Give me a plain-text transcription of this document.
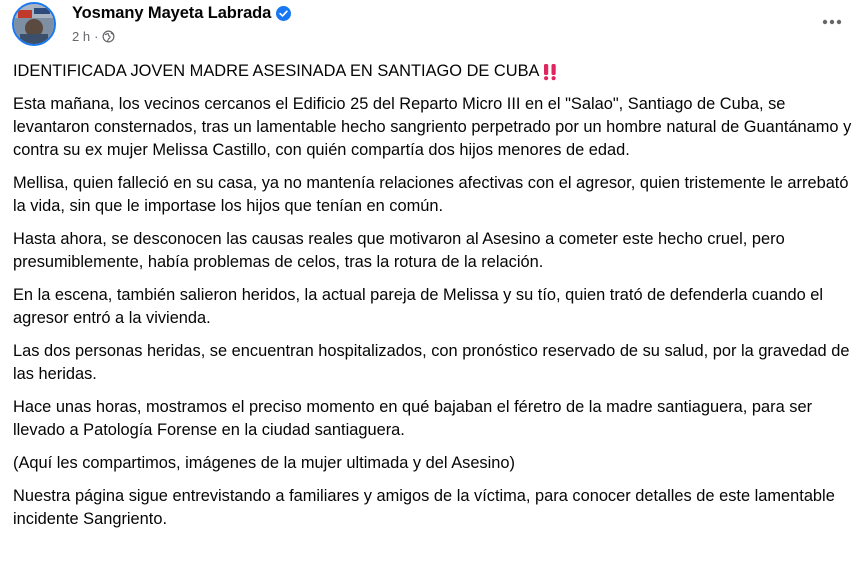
Yosmany Mayeta Labrada
2 h ·

IDENTIFICADA JOVEN MADRE ASESINADA EN SANTIAGO DE CUBA

Esta mañana, los vecinos cercanos el Edificio 25 del Reparto Micro III en el "Salao", Santiago de Cuba, se levantaron consternados, tras un lamentable hecho sangriento perpetrado por un hombre natural de Guantánamo y contra su ex mujer Melissa Castillo, con quién compartía dos hijos menores de edad.

Mellisa, quien falleció en su casa, ya no mantenía relaciones afectivas con el agresor, quien tristemente le arrebató la vida, sin que le importase los hijos que tenían en común.

Hasta ahora, se desconocen las causas reales que motivaron al Asesino a cometer este hecho cruel, pero presumiblemente, había problemas de celos, tras la rotura de la relación.

En la escena, también salieron heridos, la actual pareja de Melissa y su tío, quien trató de defenderla cuando el agresor entró a la vivienda.

Las dos personas heridas, se encuentran hospitalizados, con pronóstico reservado de su salud, por la gravedad de las heridas.

Hace unas horas, mostramos el preciso momento en qué bajaban el féretro de la madre santiaguera, para ser llevado a Patología Forense en la ciudad santiaguera.

(Aquí les compartimos, imágenes de la mujer ultimada y del Asesino)

Nuestra página sigue entrevistando a familiares y amigos de la víctima, para conocer detalles de este lamentable incidente Sangriento.
